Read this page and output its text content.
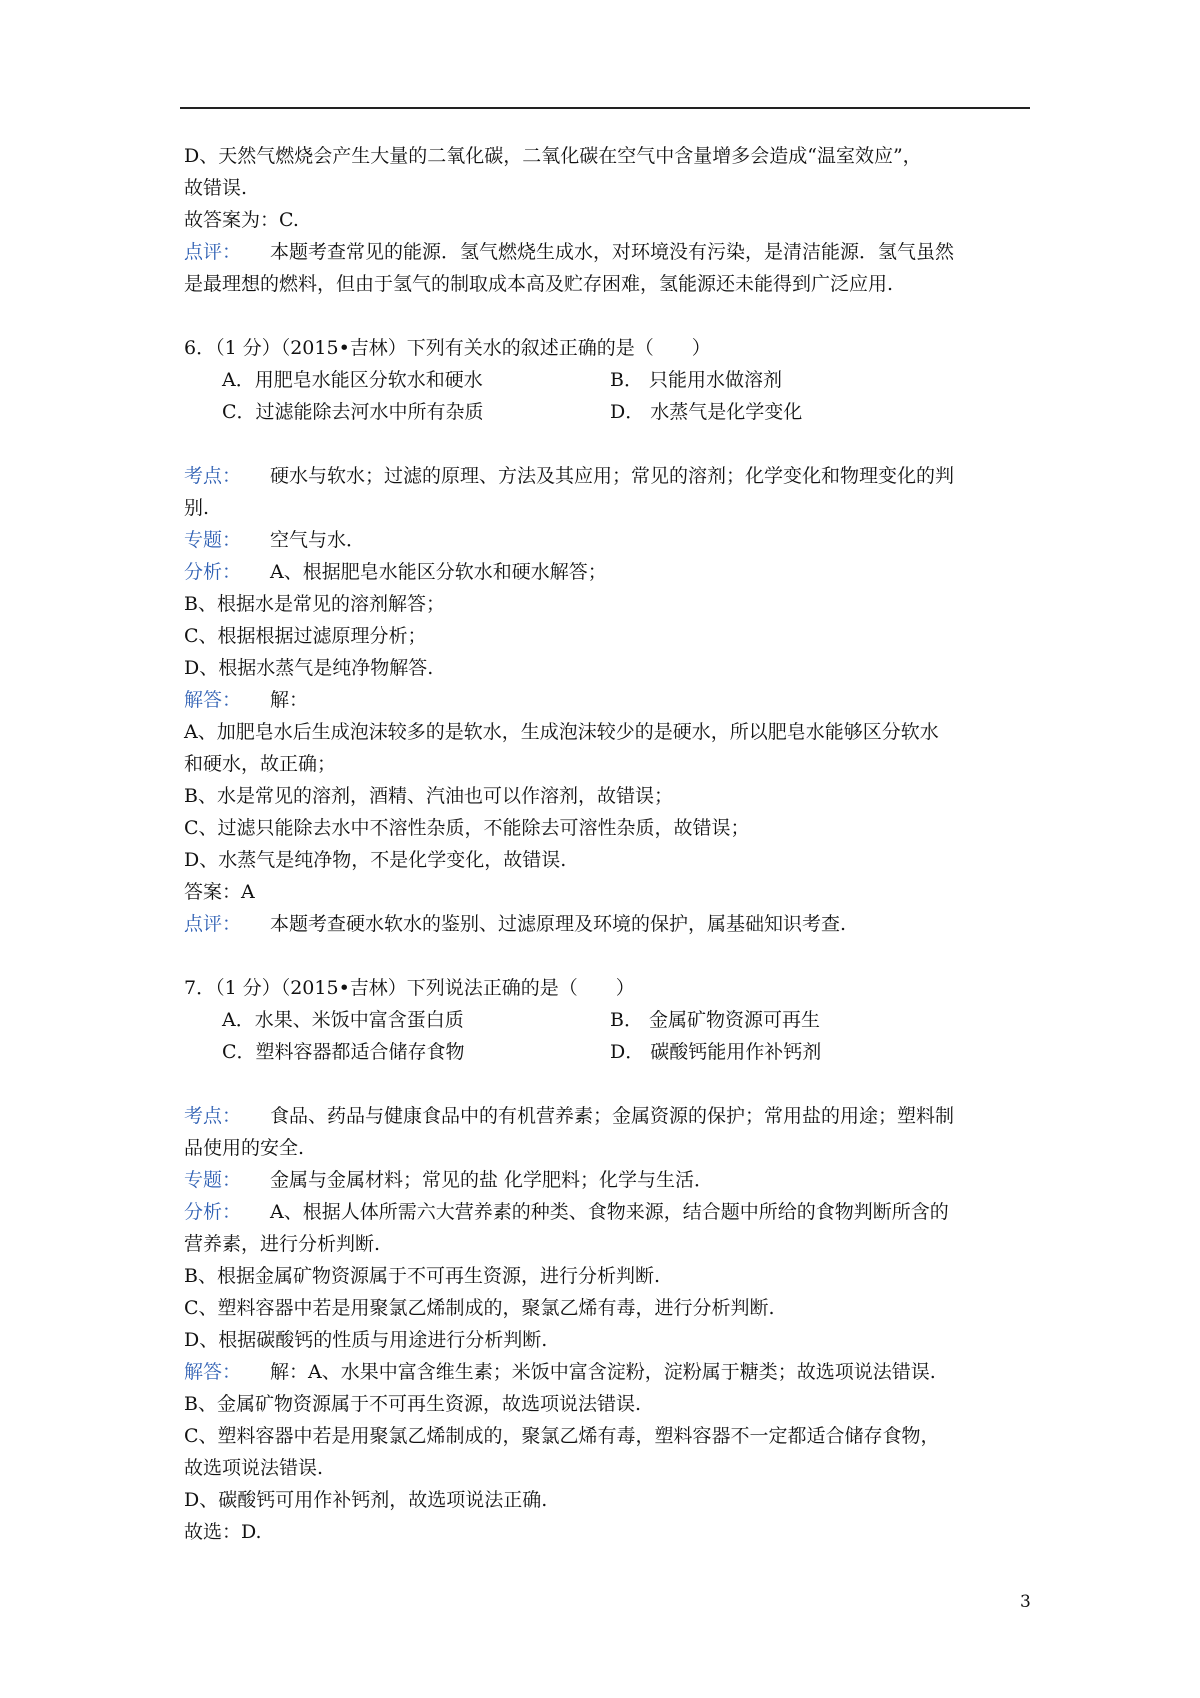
D、天然气燃烧会产生大量的二氧化碳，二氧化碳在空气中含量增多会造成“温室效应”，
故错误.
故答案为：C.
点评： 本题考查常见的能源．氢气燃烧生成水，对环境没有污染，是清洁能源．氢气虽然
是最理想的燃料，但由于氢气的制取成本高及贮存困难，氢能源还未能得到广泛应用.
6．（1 分）（2015•吉林）下列有关水的叙述正确的是（　　）
A．用肥皂水能区分软水和硬水	B． 只能用水做溶剂
C．过滤能除去河水中所有杂质	D． 水蒸气是化学变化
考点： 硬水与软水；过滤的原理、方法及其应用；常见的溶剂；化学变化和物理变化的判
别.
专题： 空气与水．
分析： A、根据肥皂水能区分软水和硬水解答；
B、根据水是常见的溶剂解答；
C、根据根据过滤原理分析；
D、根据水蒸气是纯净物解答.
解答： 解：
A、加肥皂水后生成泡沫较多的是软水，生成泡沫较少的是硬水，所以肥皂水能够区分软水
和硬水，故正确；
B、水是常见的溶剂，酒精、汽油也可以作溶剂，故错误；
C、过滤只能除去水中不溶性杂质，不能除去可溶性杂质，故错误；
D、水蒸气是纯净物，不是化学变化，故错误.
答案：A
点评： 本题考查硬水软水的鉴别、过滤原理及环境的保护，属基础知识考查.
7．（1 分）（2015•吉林）下列说法正确的是（　　）
A．水果、米饭中富含蛋白质	B． 金属矿物资源可再生
C．塑料容器都适合储存食物	D． 碳酸钙能用作补钙剂
考点： 食品、药品与健康食品中的有机营养素；金属资源的保护；常用盐的用途；塑料制
品使用的安全.
专题： 金属与金属材料；常见的盐 化学肥料；化学与生活．
分析： A、根据人体所需六大营养素的种类、食物来源，结合题中所给的食物判断所含的
营养素，进行分析判断.
B、根据金属矿物资源属于不可再生资源，进行分析判断.
C、塑料容器中若是用聚氯乙烯制成的，聚氯乙烯有毒，进行分析判断.
D、根据碳酸钙的性质与用途进行分析判断.
解答： 解：A、水果中富含维生素；米饭中富含淀粉，淀粉属于糖类；故选项说法错误.
B、金属矿物资源属于不可再生资源，故选项说法错误.
C、塑料容器中若是用聚氯乙烯制成的，聚氯乙烯有毒，塑料容器不一定都适合储存食物，
故选项说法错误.
D、碳酸钙可用作补钙剂，故选项说法正确.
故选：D.
3
